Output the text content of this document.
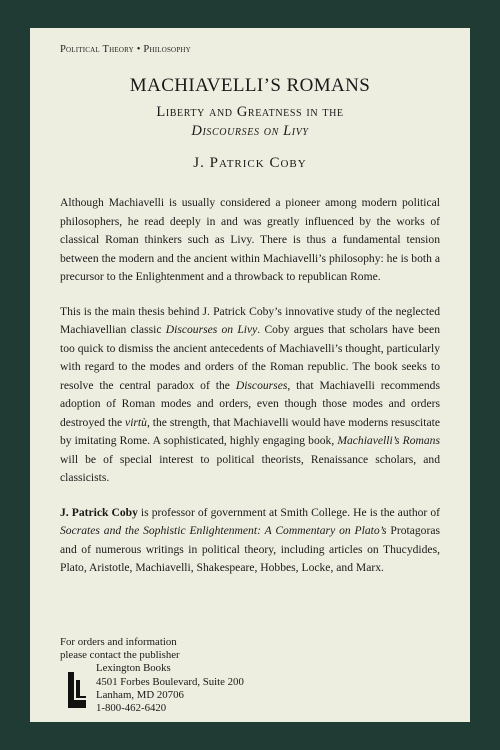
Political Theory • Philosophy
MACHIAVELLI’S ROMANS
Liberty and Greatness in the
Discourses on Livy
J. Patrick Coby

Although Machiavelli is usually considered a pioneer among modern political philosophers, he read deeply in and was greatly influenced by the works of classical Roman thinkers such as Livy. There is thus a fundamental tension between the modern and the ancient within Machiavelli’s philosophy: he is both a precursor to the Enlightenment and a throwback to republican Rome.

This is the main thesis behind J. Patrick Coby’s innovative study of the neglected Machiavellian classic Discourses on Livy. Coby argues that scholars have been too quick to dismiss the ancient antecedents of Machiavelli’s thought, particularly with regard to the modes and orders of the Roman republic. The book seeks to resolve the central paradox of the Discourses, that Machiavelli recommends adoption of Roman modes and orders, even though those modes and orders destroyed the virtù, the strength, that Machiavelli would have moderns resuscitate by imitating Rome. A sophisticated, highly engaging book, Machiavelli’s Romans will be of special interest to political theorists, Renaissance scholars, and classicists.

J. Patrick Coby is professor of government at Smith College. He is the author of Socrates and the Sophistic Enlightenment: A Commentary on Plato’s Protagoras and of numerous writings in political theory, including articles on Thucydides, Plato, Aristotle, Machiavelli, Shakespeare, Hobbes, Locke, and Marx.

For orders and information
please contact the publisher
Lexington Books
4501 Forbes Boulevard, Suite 200
Lanham, MD 20706
1-800-462-6420
